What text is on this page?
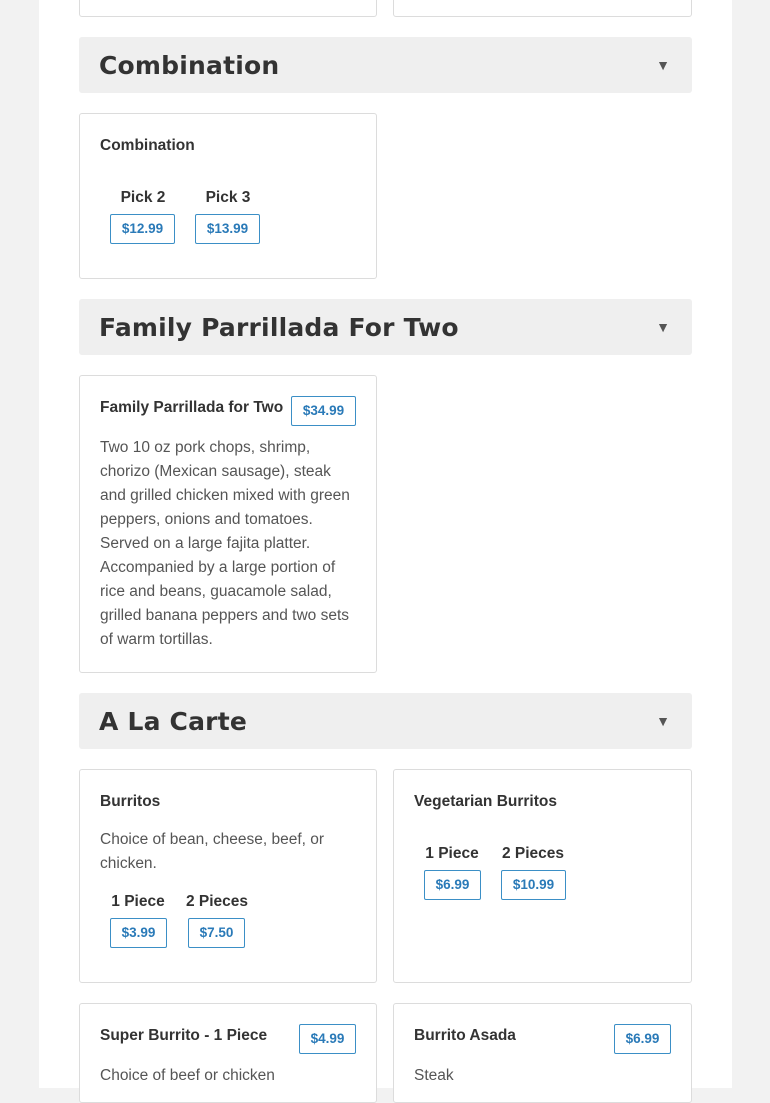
Combination	▼
Combination
Pick 2	Pick 3
$12.99	$13.99
Family Parrillada For Two	▼
Family Parrillada for Two	$34.99
Two 10 oz pork chops, shrimp, chorizo (Mexican sausage), steak and grilled chicken mixed with green peppers, onions and tomatoes. Served on a large fajita platter. Accompanied by a large portion of rice and beans, guacamole salad, grilled banana peppers and two sets of warm tortillas.
A La Carte	▼
Burritos
Choice of bean, cheese, beef, or chicken.
1 Piece 2 Pieces
$3.99	$7.50
Vegetarian Burritos
1 Piece 2 Pieces
$6.99	$10.99
Super Burrito - 1 Piece	$4.99
Choice of beef or chicken
Burrito Asada	$6.99
Steak
